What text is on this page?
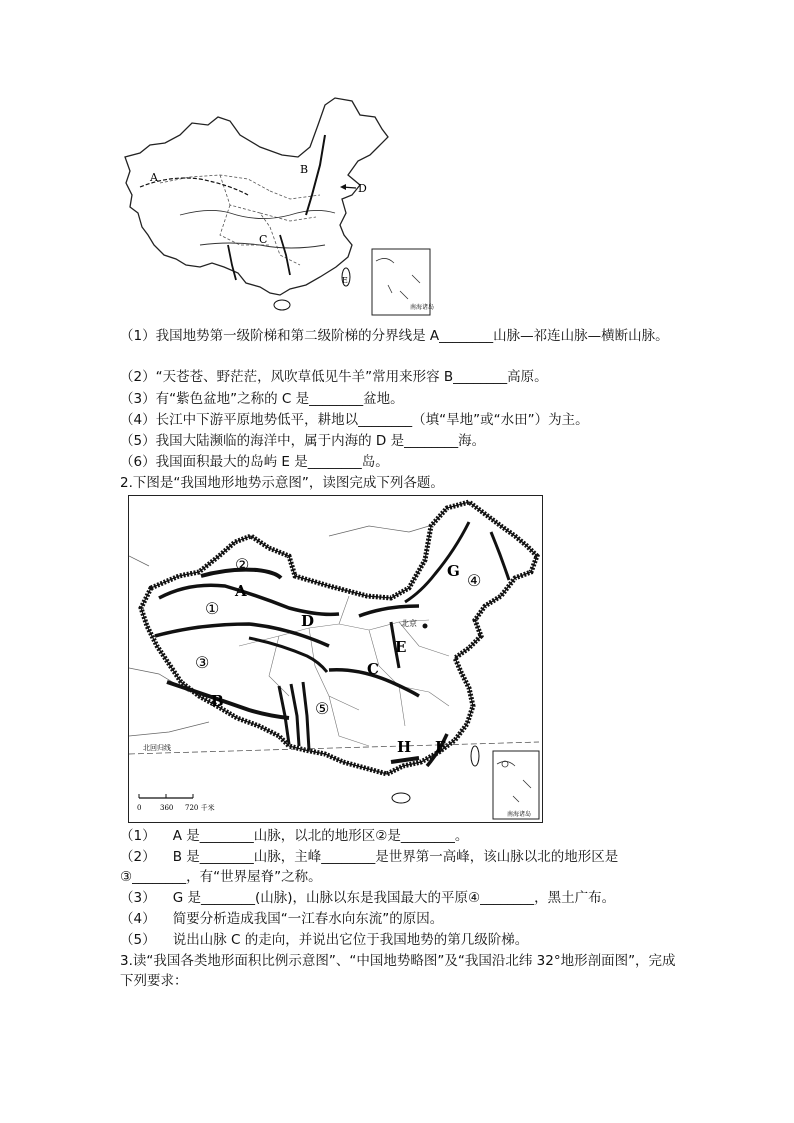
A
B
C
D
E
南海诸岛
（1）我国地势第一级阶梯和第二级阶梯的分界线是 A________山脉—祁连山脉—横断山脉。
（2）“天苍苍、野茫茫，风吹草低见牛羊”常用来形容 B________高原。
（3）有“紫色盆地”之称的 C 是________盆地。
（4）长江中下游平原地势低平，耕地以________（填“旱地”或“水田”）为主。
（5）我国大陆濒临的海洋中，属于内海的 D 是________海。
（6）我国面积最大的岛屿 E 是________岛。
2.下图是“我国地形地势示意图”，读图完成下列各题。
②
①
③
④
⑤
A
B
C
D
E
F
G
H
北京
北回归线
0	360 720 千米
南海诸岛
（1）    A 是________山脉，以北的地形区②是________。
（2）    B 是________山脉，主峰________是世界第一高峰，该山脉以北的地形区是
③________，有“世界屋脊”之称。
（3）    G 是________(山脉)，山脉以东是我国最大的平原④________，黑土广布。
（4）    简要分析造成我国“一江春水向东流”的原因。
（5）    说出山脉 C 的走向，并说出它位于我国地势的第几级阶梯。
3.读“我国各类地形面积比例示意图”、“中国地势略图”及“我国沿北纬 32°地形剖面图”，完成
下列要求：
